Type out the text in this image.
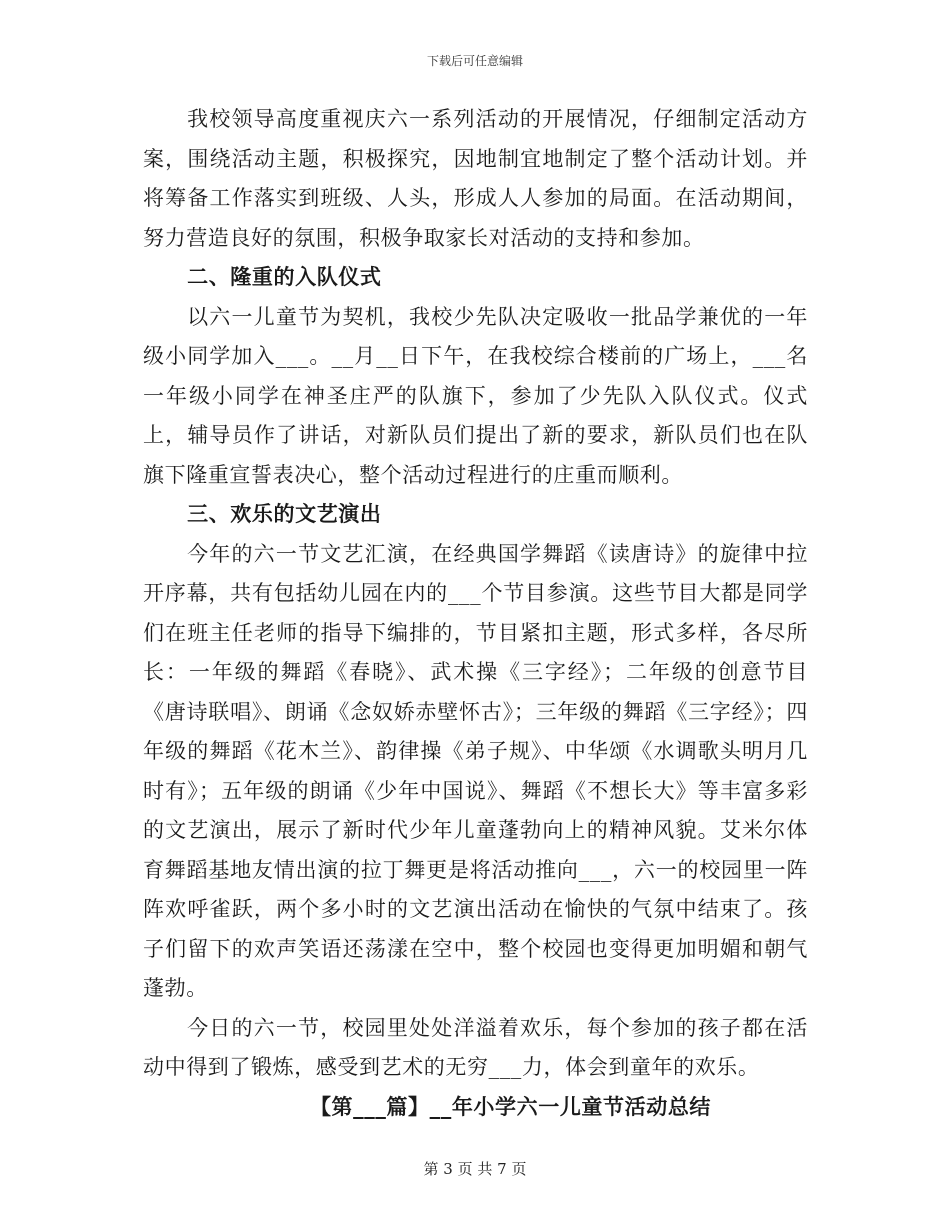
下载后可任意编辑

我校领导高度重视庆六一系列活动的开展情况，仔细制定活动方案，围绕活动主题，积极探究，因地制宜地制定了整个活动计划。并将筹备工作落实到班级、人头，形成人人参加的局面。在活动期间，努力营造良好的氛围，积极争取家长对活动的支持和参加。

二、隆重的入队仪式

以六一儿童节为契机，我校少先队决定吸收一批品学兼优的一年级小同学加入___。__月__日下午，在我校综合楼前的广场上，___名一年级小同学在神圣庄严的队旗下，参加了少先队入队仪式。仪式上，辅导员作了讲话，对新队员们提出了新的要求，新队员们也在队旗下隆重宣誓表决心，整个活动过程进行的庄重而顺利。

三、欢乐的文艺演出

今年的六一节文艺汇演，在经典国学舞蹈《读唐诗》的旋律中拉开序幕，共有包括幼儿园在内的___个节目参演。这些节目大都是同学们在班主任老师的指导下编排的，节目紧扣主题，形式多样，各尽所长：一年级的舞蹈《春晓》、武术操《三字经》；二年级的创意节目《唐诗联唱》、朗诵《念奴娇赤壁怀古》；三年级的舞蹈《三字经》；四年级的舞蹈《花木兰》、韵律操《弟子规》、中华颂《水调歌头明月几时有》；五年级的朗诵《少年中国说》、舞蹈《不想长大》等丰富多彩的文艺演出，展示了新时代少年儿童蓬勃向上的精神风貌。艾米尔体育舞蹈基地友情出演的拉丁舞更是将活动推向___，六一的校园里一阵阵欢呼雀跃，两个多小时的文艺演出活动在愉快的气氛中结束了。孩子们留下的欢声笑语还荡漾在空中，整个校园也变得更加明媚和朝气蓬勃。

今日的六一节，校园里处处洋溢着欢乐，每个参加的孩子都在活动中得到了锻炼，感受到艺术的无穷___力，体会到童年的欢乐。

【第___篇】__年小学六一儿童节活动总结
第 3 页 共 7 页
